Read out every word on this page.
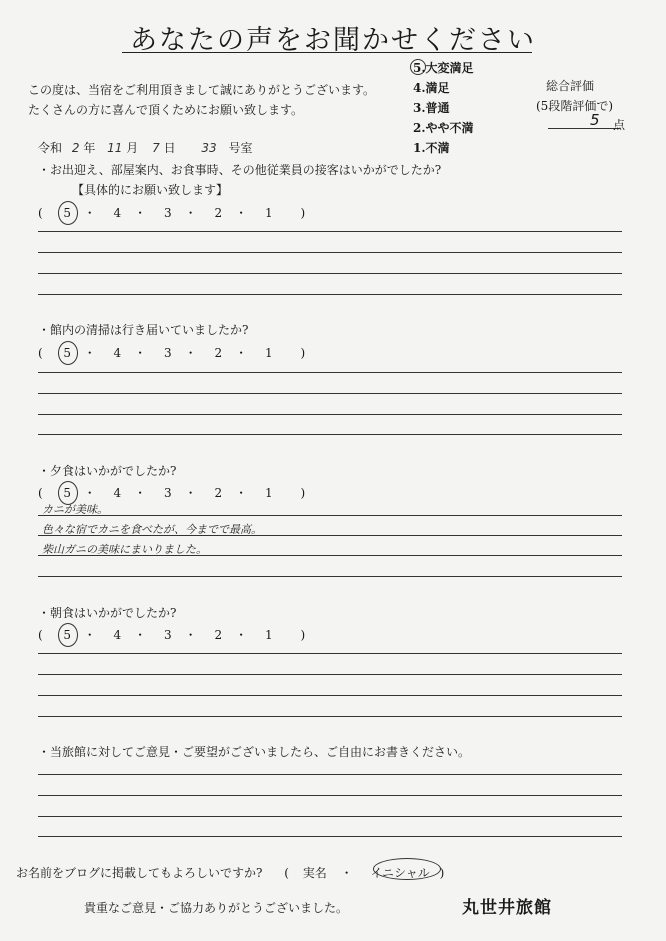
あなたの声をお聞かせください
この度は、当宿をご利用頂きまして誠にありがとうございます。
たくさんの方に喜んで頂くためにお願い致します。
5.大変満足
4.満足
3.普通
2.やや不満
1.不満
総合評価
(5段階評価で)
5 点
令和 2 年 11 月 7 日 33 号室
・お出迎え、部屋案内、お食事時、その他従業員の接客はいかがでしたか?
【具体的にお願い致します】
( 5 ・ 4 ・ 3 ・ 2 ・ 1 )
・館内の清掃は行き届いていましたか?
( 5 ・ 4 ・ 3 ・ 2 ・ 1 )
・夕食はいかがでしたか?
( 5 ・ 4 ・ 3 ・ 2 ・ 1 )
カニが美味。
色々な宿でカニを食べたが、今までで最高。
柴山ガニの美味にまいりました。
・朝食はいかがでしたか?
( 5 ・ 4 ・ 3 ・ 2 ・ 1 )
・当旅館に対してご意見・ご要望がございましたら、ご自由にお書きください。
お名前をブログに掲載してもよろしいですか? ( 実名 ・ イニシャル )
貴重なご意見・ご協力ありがとうございました。	丸世井旅館
